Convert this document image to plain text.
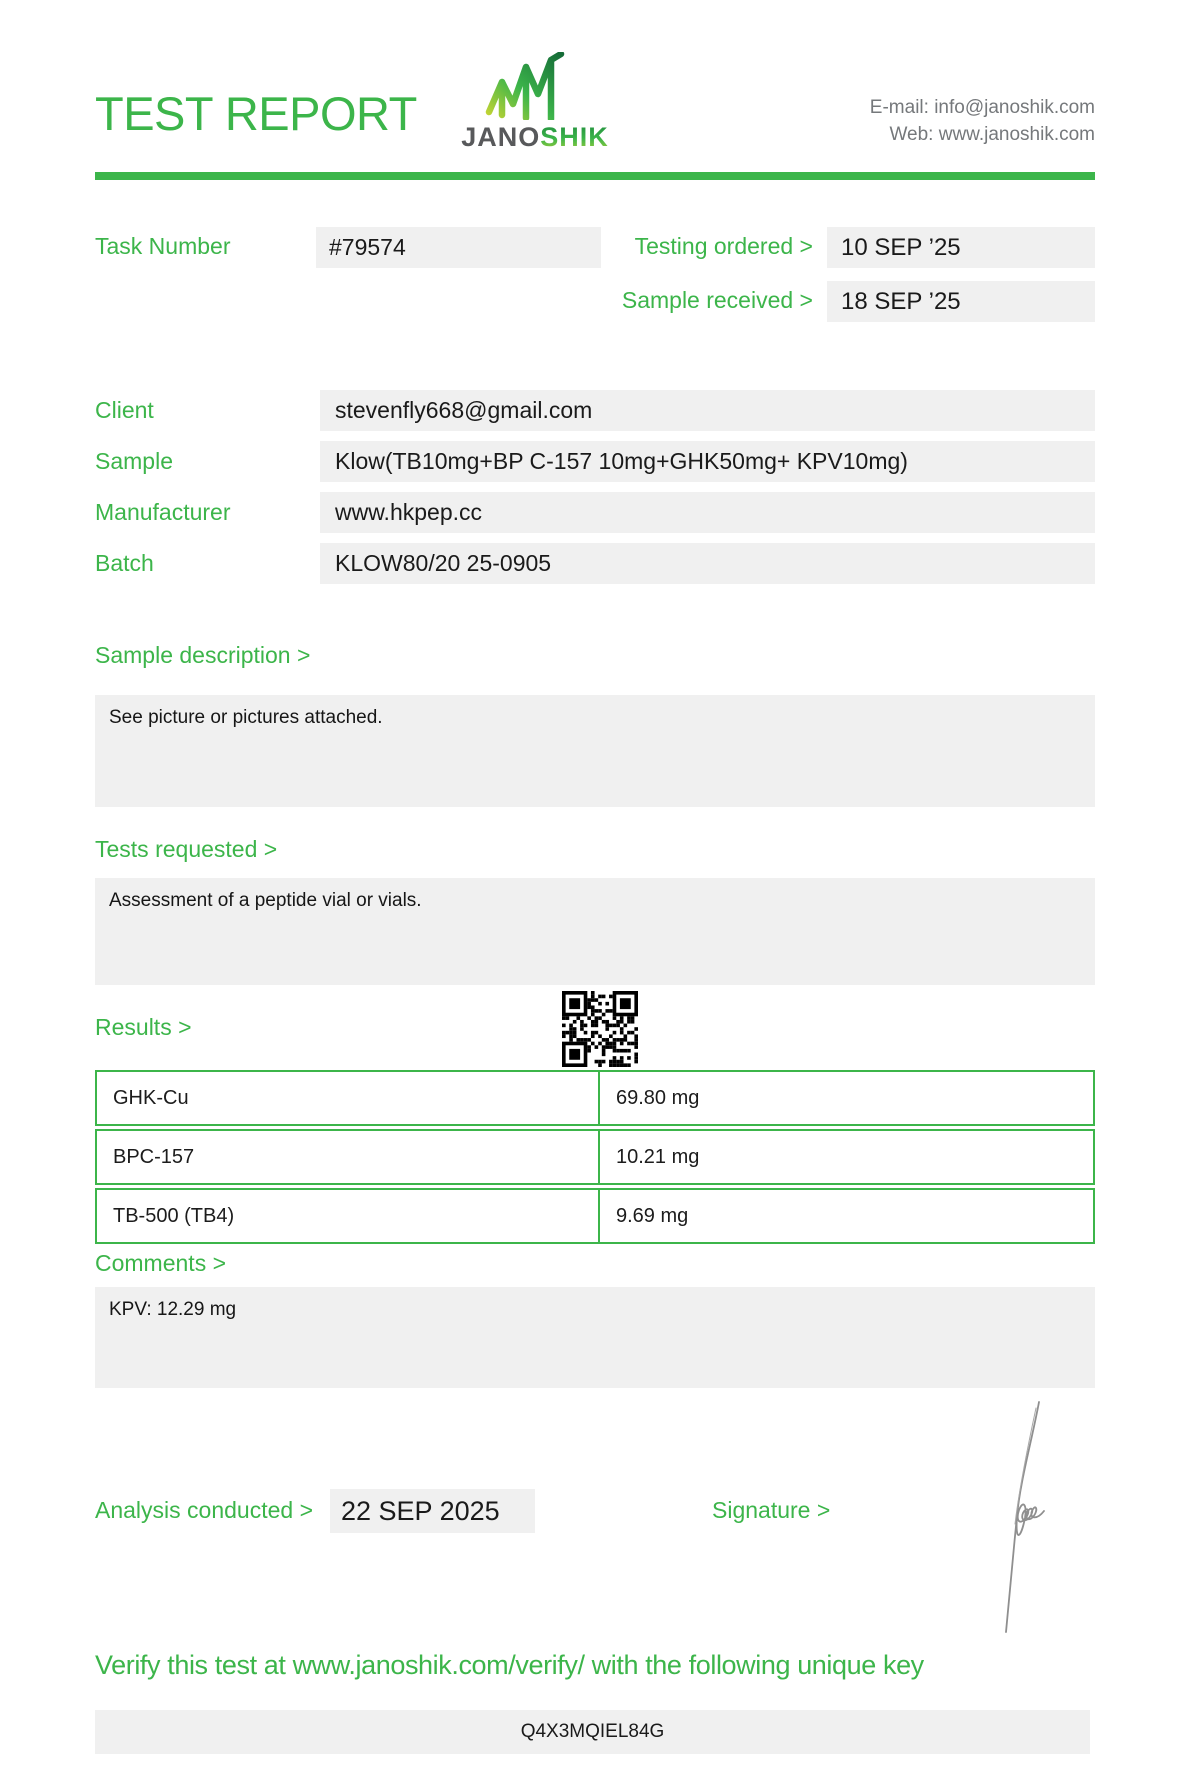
TEST REPORT	JANOSHIK
E-mail: info@janoshik.com
Web: www.janoshik.com
Task Number	#79574	Testing ordered >	10 SEP ’25
Sample received >	18 SEP ’25
Client	stevenfly668@gmail.com
Sample	Klow(TB10mg+BP C-157 10mg+GHK50mg+ KPV10mg)
Manufacturer	www.hkpep.cc
Batch	KLOW80/20 25-0905
Sample description >
See picture or pictures attached.
Tests requested >
Assessment of a peptide vial or vials.
Results >
GHK-Cu	69.80 mg
BPC-157	10.21 mg
TB-500 (TB4)	9.69 mg
Comments >
KPV: 12.29 mg
Analysis conducted >	22 SEP 2025	Signature >
Verify this test at www.janoshik.com/verify/ with the following unique key
Q4X3MQIEL84G
